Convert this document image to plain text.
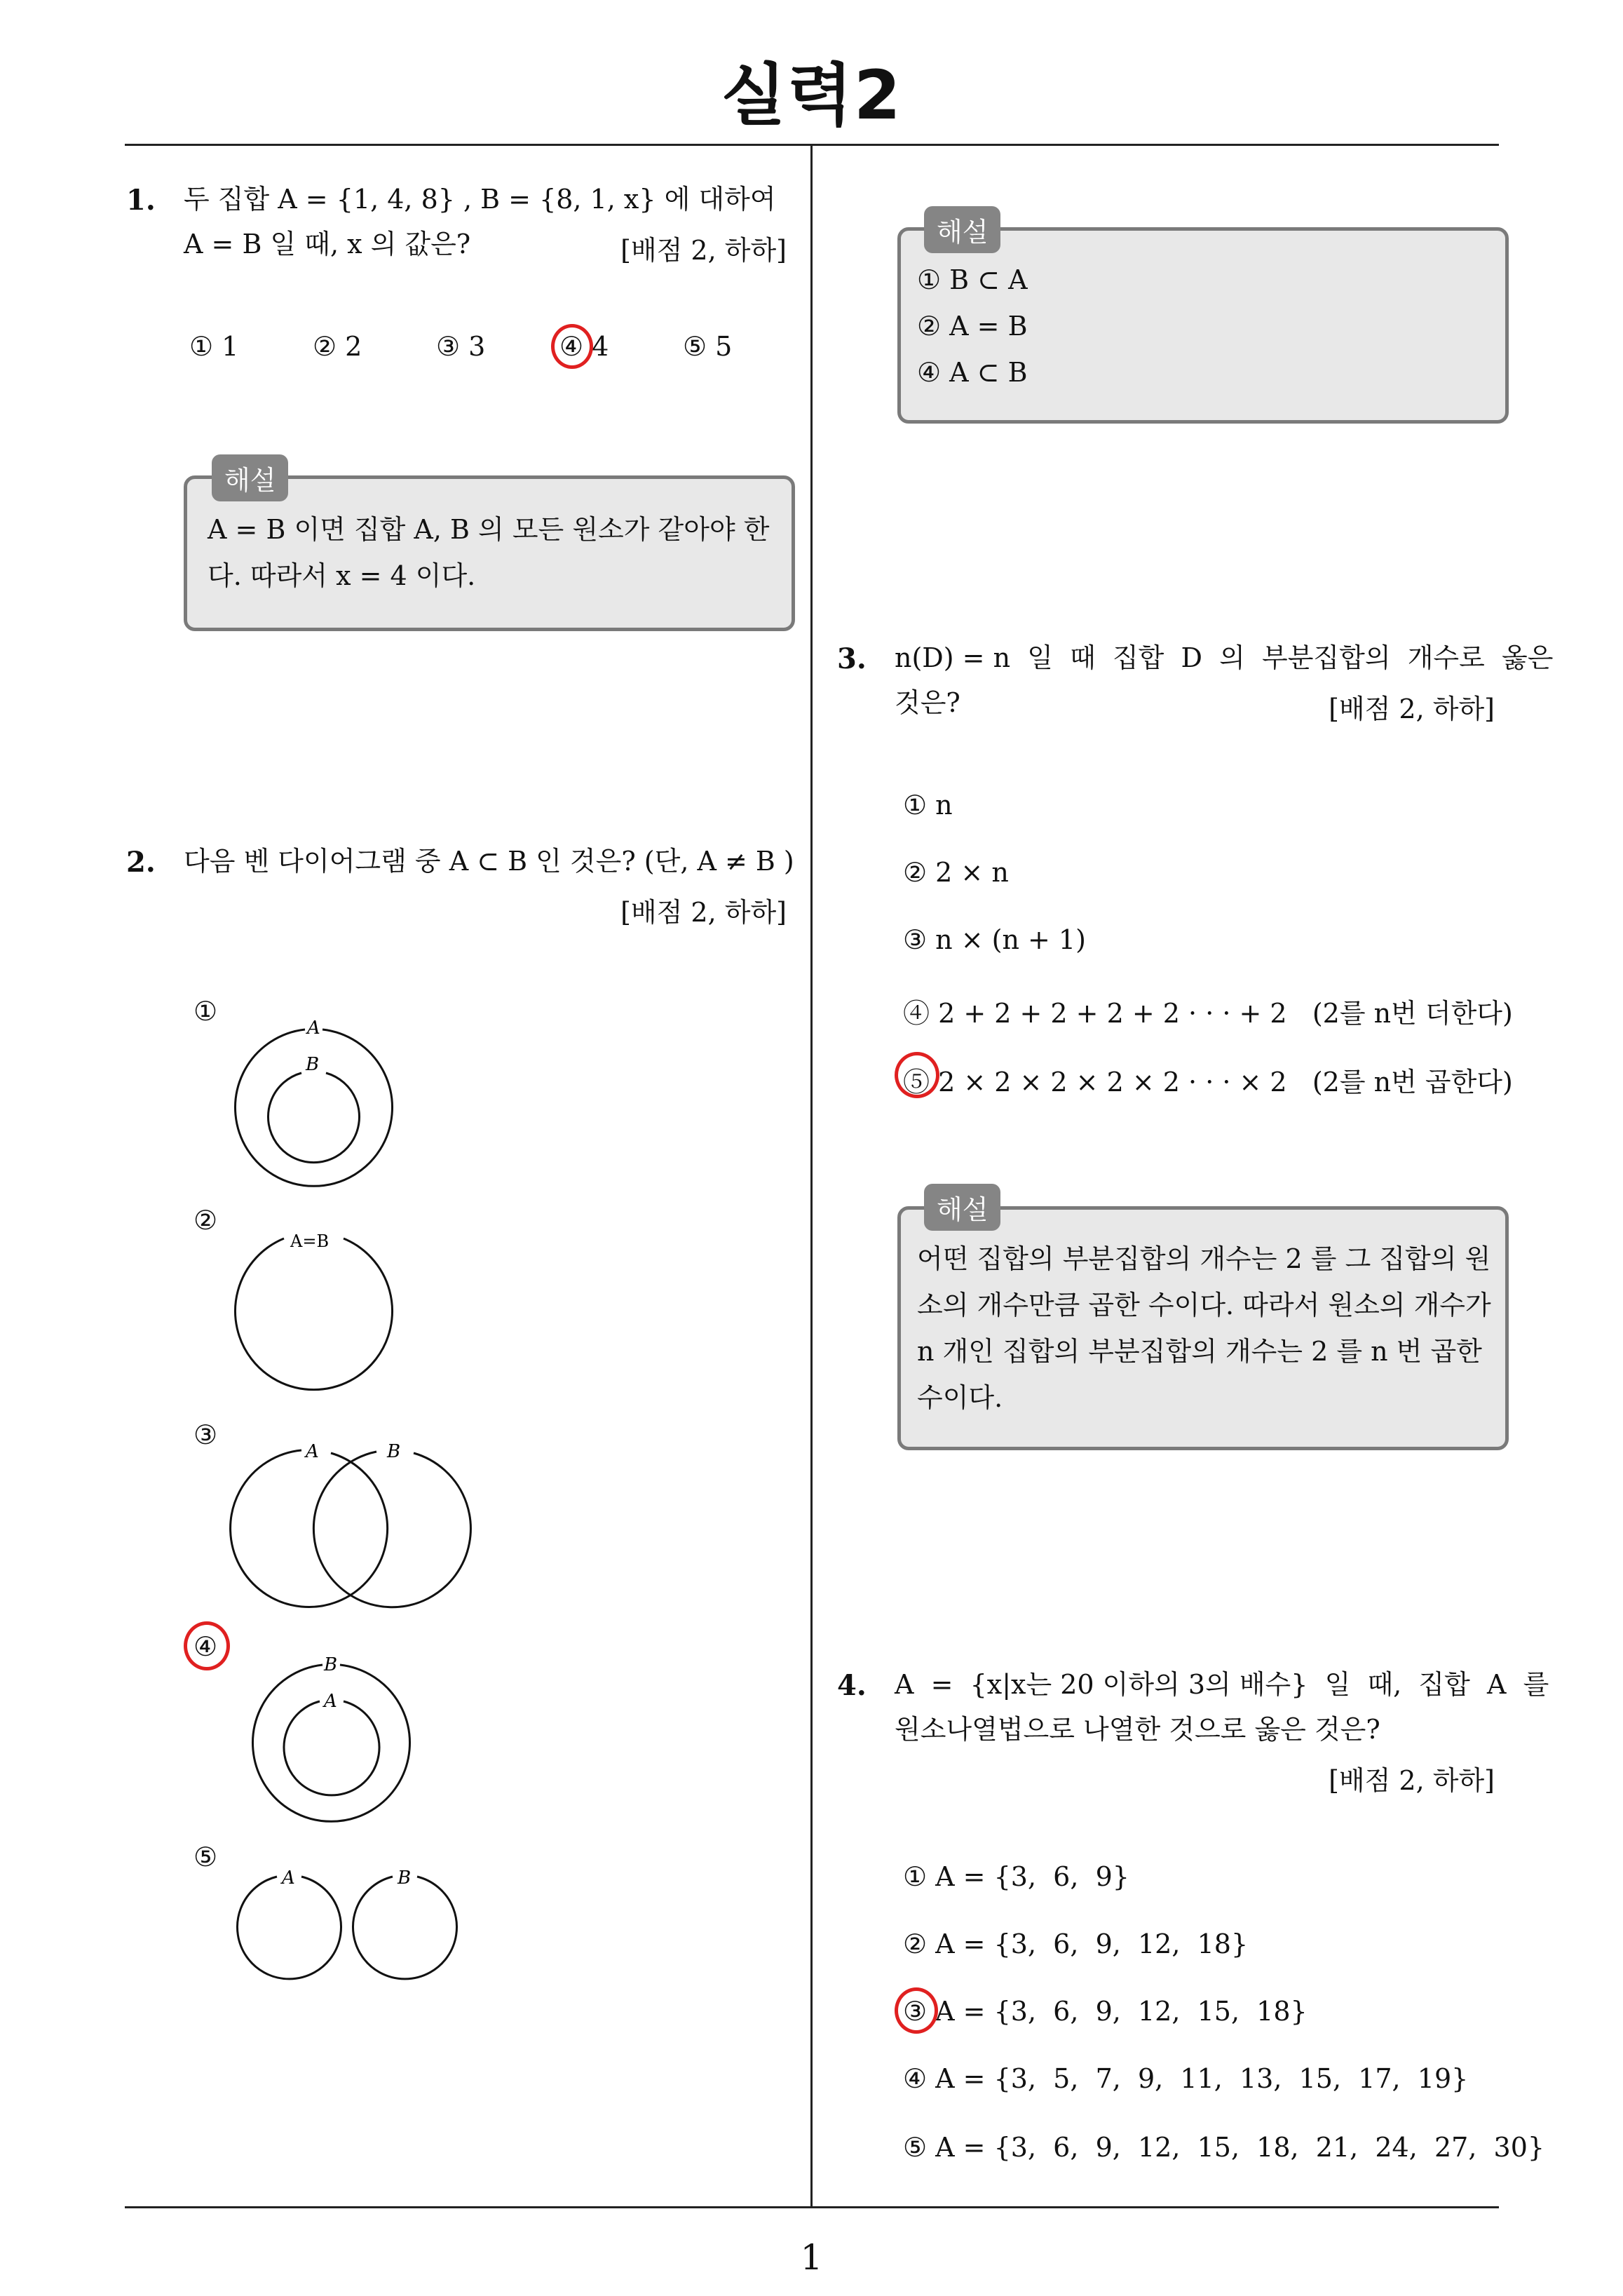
실력2
1
1. 두 집합 A = {1, 4, 8} , B = {8, 1, x} 에 대하여
A = B 일 때, x 의 값은?	[배점 2, 하하]
① 1	② 2	③ 3	④ 4	⑤ 5
해설
A = B 이면 집합 A, B 의 모든 원소가 같아야 한
다. 따라서 x = 4 이다.
2. 다음 벤 다이어그램 중 A ⊂ B 인 것은? (단, A ≠ B )
[배점 2, 하하]
①
②
③
④
⑤
A
B
A=B
A	B
B
A
A	B
해설
① B ⊂ A
② A = B
④ A ⊂ B
3. n(D) = n  일  때  집합  D  의  부분집합의  개수로  옳은
것은?	[배점 2, 하하]
① n
② 2 × n
③ n × (n + 1)
④ 2 + 2 + 2 + 2 + 2 · · · + 2   (2를 n번 더한다)
⑤ 2 × 2 × 2 × 2 × 2 · · · × 2   (2를 n번 곱한다)
해설
어떤 집합의 부분집합의 개수는 2 를 그 집합의 원
소의 개수만큼 곱한 수이다. 따라서 원소의 개수가
n 개인 집합의 부분집합의 개수는 2 를 n 번 곱한
수이다.
4. A  =  {x|x는 20 이하의 3의 배수}  일  때,  집합  A  를
원소나열법으로 나열한 것으로 옳은 것은?
[배점 2, 하하]
① A = {3,  6,  9}
② A = {3,  6,  9,  12,  18}
③ A = {3,  6,  9,  12,  15,  18}
④ A = {3,  5,  7,  9,  11,  13,  15,  17,  19}
⑤ A = {3,  6,  9,  12,  15,  18,  21,  24,  27,  30}
